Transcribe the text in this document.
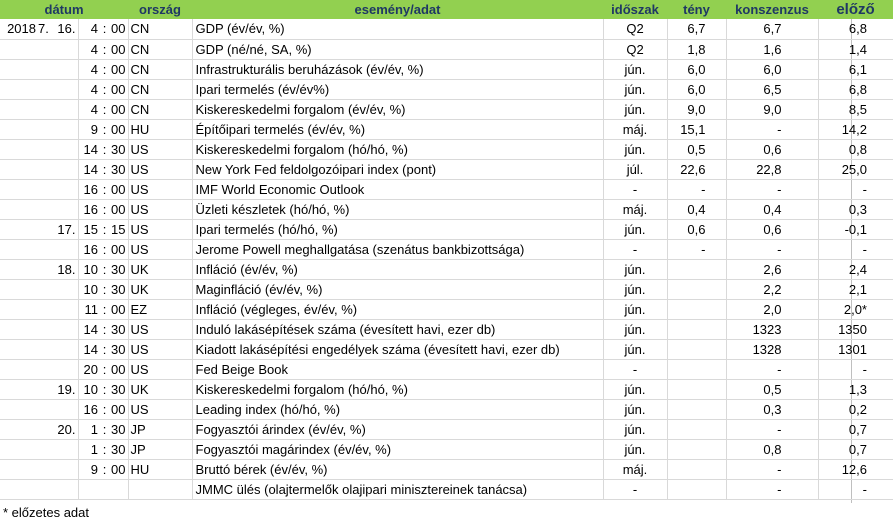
dátum						ország	esemény/adat	időszak	tény	konszenzus	előző
2018	7.	16.	4	:	00	CN	GDP (év/év, %)	Q2	6,7	6,7	6,8
			4	:	00	CN	GDP (né/né, SA, %)	Q2	1,8	1,6	1,4
			4	:	00	CN	Infrastrukturális beruházások (év/év, %)	jún.	6,0	6,0	6,1
			4	:	00	CN	Ipari termelés (év/év%)	jún.	6,0	6,5	6,8
			4	:	00	CN	Kiskereskedelmi forgalom (év/év, %)	jún.	9,0	9,0	8,5
			9	:	00	HU	Építőipari termelés (év/év, %)	máj.	15,1	-	14,2
			14	:	30	US	Kiskereskedelmi forgalom (hó/hó, %)	jún.	0,5	0,6	0,8
			14	:	30	US	New York Fed feldolgozóipari index (pont)	júl.	22,6	22,8	25,0
			16	:	00	US	IMF World Economic Outlook	-	-	-	-
			16	:	00	US	Üzleti készletek (hó/hó, %)	máj.	0,4	0,4	0,3
		17.	15	:	15	US	Ipari termelés (hó/hó, %)	jún.	0,6	0,6	-0,1
			16	:	00	US	Jerome Powell meghallgatása (szenátus bankbizottsága)	-	-	-	-
		18.	10	:	30	UK	Infláció (év/év, %)	jún.		2,6	2,4
			10	:	30	UK	Maginfláció (év/év, %)	jún.		2,2	2,1
			11	:	00	EZ	Infláció (végleges, év/év, %)	jún.		2,0	2,0*
			14	:	30	US	Induló lakásépítések száma (évesített havi, ezer db)	jún.		1323	1350
			14	:	30	US	Kiadott lakásépítési engedélyek száma (évesített havi, ezer db)	jún.		1328	1301
			20	:	00	US	Fed Beige Book	-		-	-
		19.	10	:	30	UK	Kiskereskedelmi forgalom (hó/hó, %)	jún.		0,5	1,3
			16	:	00	US	Leading index (hó/hó, %)	jún.		0,3	0,2
		20.	1	:	30	JP	Fogyasztói árindex (év/év, %)	jún.		-	0,7
			1	:	30	JP	Fogyasztói magárindex (év/év, %)	jún.		0,8	0,7
			9	:	00	HU	Bruttó bérek (év/év, %)	máj.		-	12,6
							JMMC ülés (olajtermelők olajipari minisztereinek tanácsa)	-		-	-
* előzetes adat
